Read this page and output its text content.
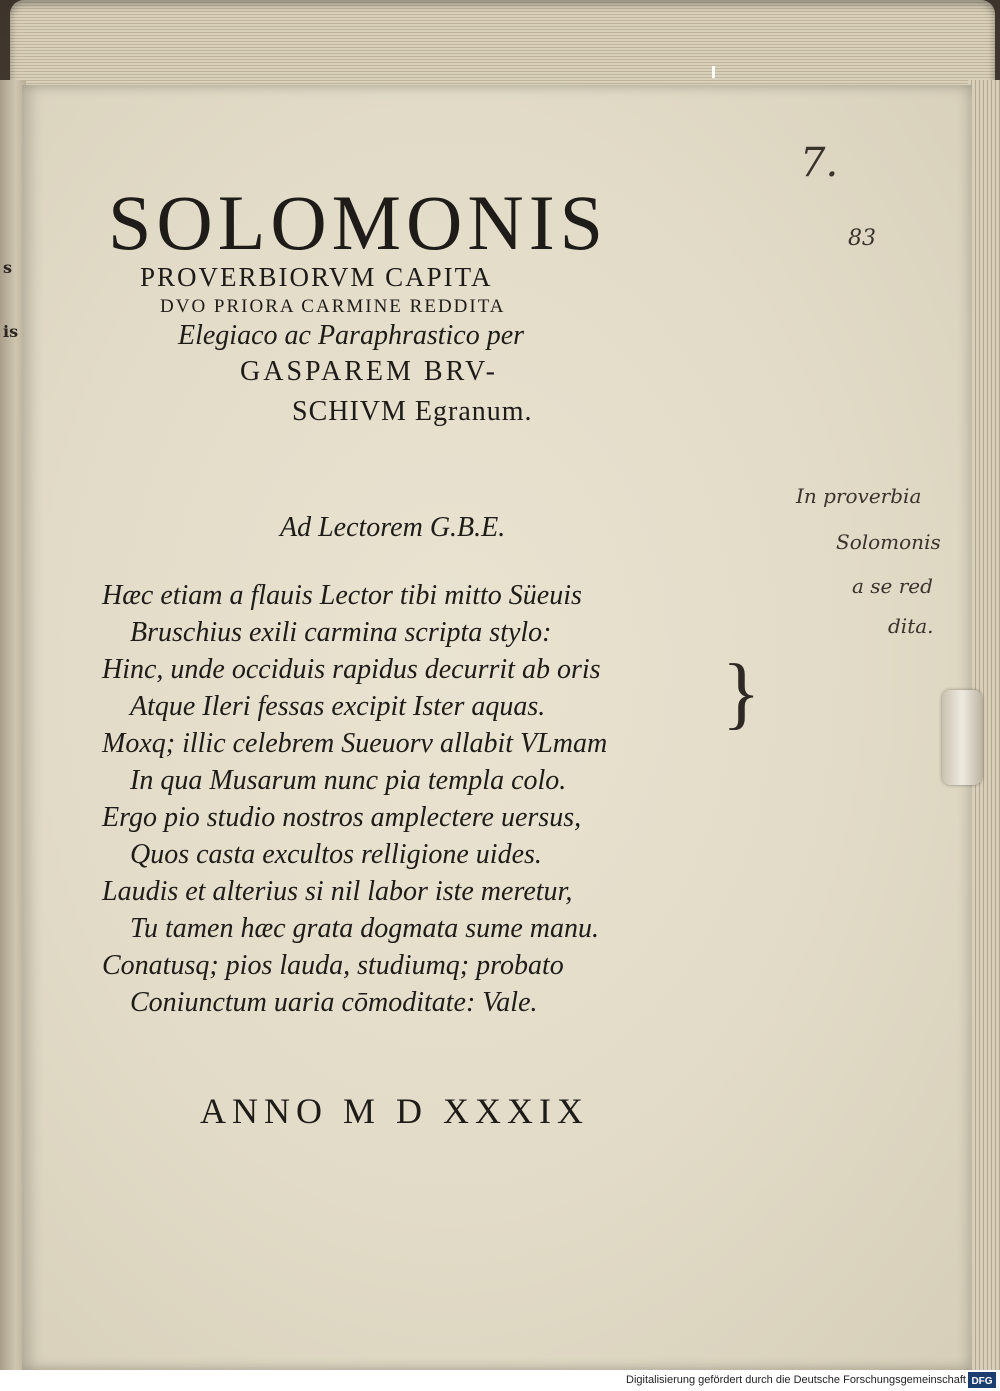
s
is
SOLOMONIS
PROVERBIORVM CAPITA
DVO PRIORA CARMINE REDDITA
Elegiaco ac Paraphrastico per
GASPAREM BRV-
SCHIVM Egranum.
Ad Lectorem G.B.E.
Hæc etiam a flauis Lector tibi mitto Süeuis
Bruschius exili carmina scripta stylo:
Hinc, unde occiduis rapidus decurrit ab oris
Atque Ileri fessas excipit Ister aquas.
Moxq; illic celebrem Sueuorv allabit VLmam
In qua Musarum nunc pia templa colo.
Ergo pio studio nostros amplectere uersus,
Quos casta excultos relligione uides.
Laudis et alterius si nil labor iste meretur,
Tu tamen hæc grata dogmata sume manu.
Conatusq; pios lauda, studiumq; probato
Coniunctum uaria cōmoditate: Vale.
}
ANNO M D XXXIX
7.
83
In proverbia
Solomonis
a se red
dita.
Digitalisierung gefördert durch die Deutsche Forschungsgemeinschaft DFG
